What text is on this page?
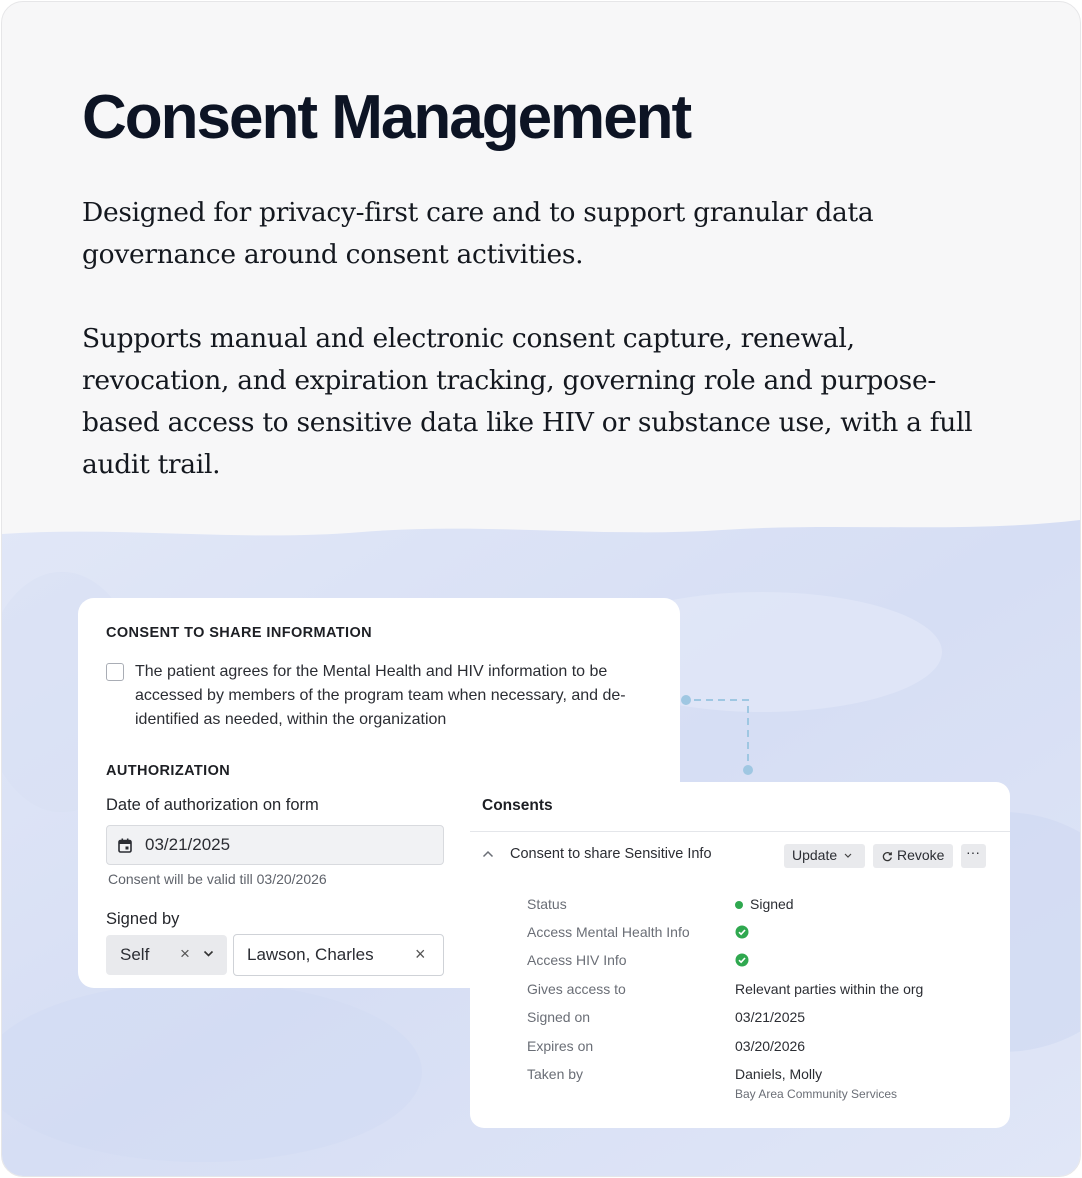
Consent Management

Designed for privacy-first care and to support granular data governance around consent activities.

Supports manual and electronic consent capture, renewal, revocation, and expiration tracking, governing role and purpose-based access to sensitive data like HIV or substance use, with a full audit trail.

CONSENT TO SHARE INFORMATION

The patient agrees for the Mental Health and HIV information to be accessed by members of the program team when necessary, and de-identified as needed, within the organization

AUTHORIZATION
Date of authorization on form
03/21/2025
Consent will be valid till 03/20/2026
Signed by
Self ×	Lawson, Charles ×
Consents
Consent to share Sensitive Info	Update	Revoke ···
Status	Signed
Access Mental Health Info
Access HIV Info
Gives access to	Relevant parties within the org
Signed on	03/21/2025
Expires on	03/20/2026
Taken by	Daniels, Molly
Bay Area Community Services
